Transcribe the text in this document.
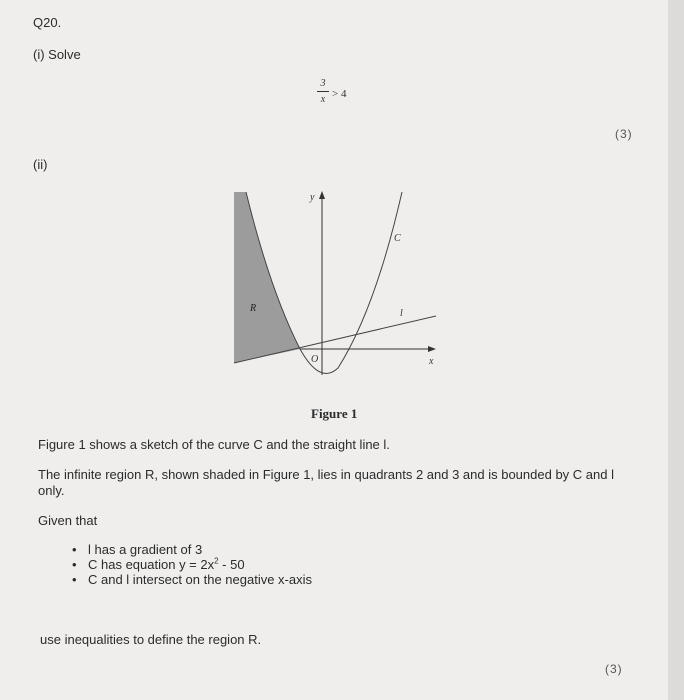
Q20.
(i) Solve
3
x > 4
(3)
(ii)
y
x
C
l
R
O
Figure 1
Figure 1 shows a sketch of the curve C and the straight line l.
The infinite region R, shown shaded in Figure 1, lies in quadrants 2 and 3 and is bounded by C and l only.
Given that
• l has a gradient of 3
• C has equation $y = 2x^2 - 50$
• C and l intersect on the negative x-axis
use inequalities to define the region R.
(3)
